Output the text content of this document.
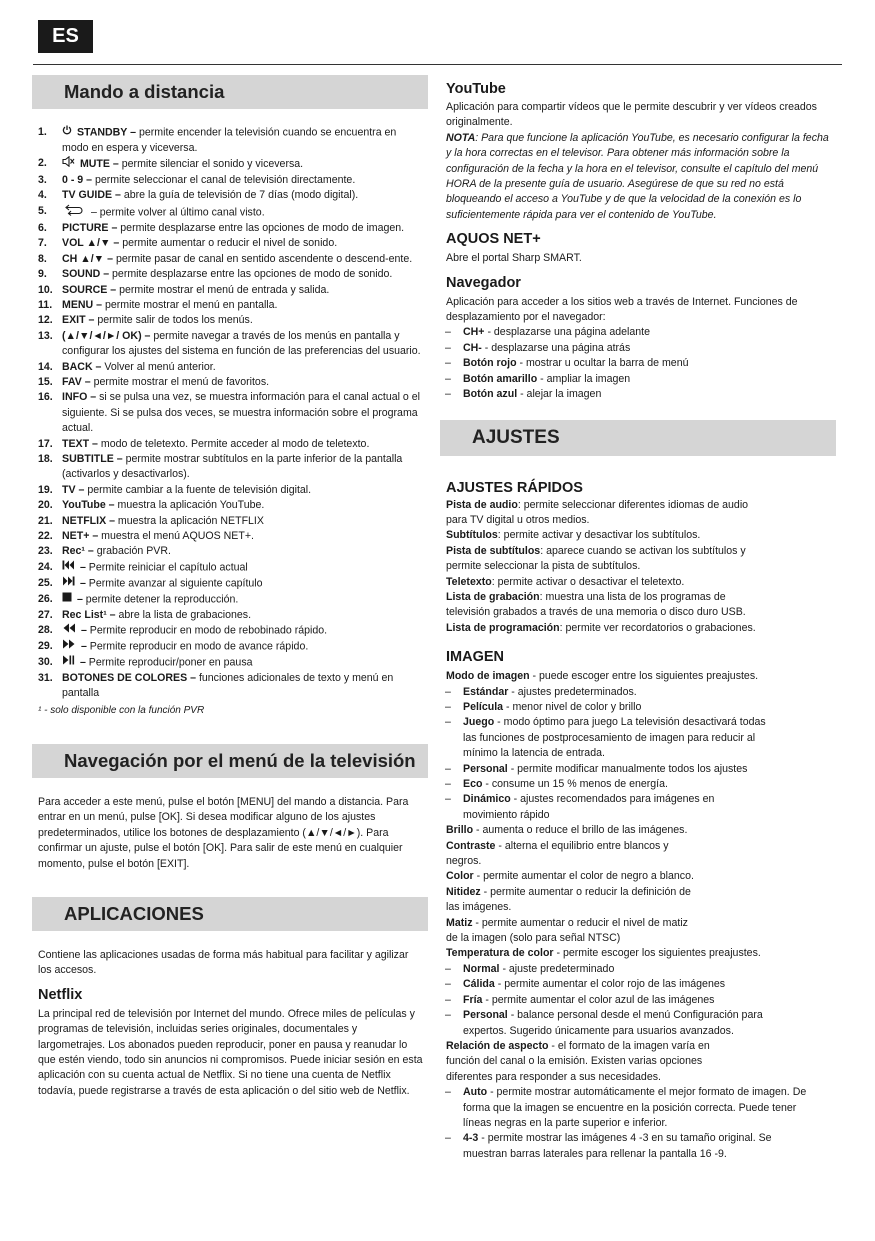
ES
Mando a distancia
1.	STANDBY – permite encender la televisión cuando se encuentra en modo en espera y viceversa.
2.	MUTE – permite silenciar el sonido y viceversa.
3. 0 - 9 – permite seleccionar el canal de televisión directamente.
4. TV GUIDE – abre la guía de televisión de 7 días (modo digital).
5.	– permite volver al último canal visto.
6. PICTURE – permite desplazarse entre las opciones de modo de imagen.
7. VOL ▲/▼ – permite aumentar o reducir el nivel de sonido.
8. CH ▲/▼ – permite pasar de canal en sentido ascendente o descend-ente.
9. SOUND – permite desplazarse entre las opciones de modo de sonido.
10. SOURCE – permite mostrar el menú de entrada y salida.
11. MENU – permite mostrar el menú en pantalla.
12. EXIT – permite salir de todos los menús.
13. (▲/▼/◄/►/ OK) – permite navegar a través de los menús en pantalla y configurar los ajustes del sistema en función de las preferencias del usuario.
14. BACK – Volver al menú anterior.
15. FAV – permite mostrar el menú de favoritos.
16. INFO – si se pulsa una vez, se muestra información para el canal actual o el siguiente. Si se pulsa dos veces, se muestra información sobre el programa actual.
17. TEXT – modo de teletexto. Permite acceder al modo de teletexto.
18. SUBTITLE – permite mostrar subtítulos en la parte inferior de la pantalla (activarlos y desactivarlos).
19. TV – permite cambiar a la fuente de televisión digital.
20. YouTube – muestra la aplicación YouTube.
21. NETFLIX – muestra la aplicación NETFLIX
22. NET+ – muestra el menú AQUOS NET+.
23. Rec¹ – grabación PVR.
24.	– Permite reiniciar el capítulo actual
25.	– Permite avanzar al siguiente capítulo
26. – permite detener la reproducción.
27. Rec List¹ – abre la lista de grabaciones.
28.	– Permite reproducir en modo de rebobinado rápido.
29.	– Permite reproducir en modo de avance rápido.
30.	– Permite reproducir/poner en pausa
31. BOTONES DE COLORES – funciones adicionales de texto y menú en pantalla
¹ - solo disponible con la función PVR
Navegación por el menú de la televisión
Para acceder a este menú, pulse el botón [MENU] del mando a distancia. Para entrar en un menú, pulse [OK]. Si desea modificar alguno de los ajustes predeterminados, utilice los botones de desplazamiento (▲/▼/◄/►). Para confirmar un ajuste, pulse el botón [OK]. Para salir de este menú en cualquier momento, pulse el botón [EXIT].
APLICACIONES
Contiene las aplicaciones usadas de forma más habitual para facilitar y agilizar los accesos.
Netflix
La principal red de televisión por Internet del mundo. Ofrece miles de películas y programas de televisión, incluidas series originales, documentales y largometrajes. Los abonados pueden reproducir, poner en pausa y reanudar lo que estén viendo, todo sin anuncios ni compromisos. Puede iniciar sesión en esta aplicación con su cuenta actual de Netflix. Si no tiene una cuenta de Netflix todavía, puede registrarse a través de esta aplicación o del sitio web de Netflix.
YouTube
Aplicación para compartir vídeos que le permite descubrir y ver vídeos creados originalmente.
NOTA: Para que funcione la aplicación YouTube, es necesario configurar la fecha y la hora correctas en el televisor. Para obtener más información sobre la configuración de la fecha y la hora en el televisor, consulte el capítulo del menú HORA de la presente guía de usuario. Asegúrese de que su red no está bloqueando el acceso a YouTube y de que la velocidad de la conexión es lo suficientemente rápida para ver el contenido de YouTube.
AQUOS NET+
Abre el portal Sharp SMART.
Navegador
Aplicación para acceder a los sitios web a través de Internet. Funciones de desplazamiento por el navegador:
–	CH+ - desplazarse una página adelante
–	CH- - desplazarse una página atrás
–	Botón rojo - mostrar u ocultar la barra de menú
–	Botón amarillo - ampliar la imagen
–	Botón azul - alejar la imagen
AJUSTES
AJUSTES RÁPIDOS
Pista de audio: permite seleccionar diferentes idiomas de audio para TV digital u otros medios.
Subtítulos: permite activar y desactivar los subtítulos.
Pista de subtítulos: aparece cuando se activan los subtítulos y permite seleccionar la pista de subtítulos.
Teletexto: permite activar o desactivar el teletexto.
Lista de grabación: muestra una lista de los programas de televisión grabados a través de una memoria o disco duro USB.
Lista de programación: permite ver recordatorios o grabaciones.
IMAGEN
Modo de imagen - puede escoger entre los siguientes preajustes.
–	Estándar - ajustes predeterminados.
–	Película - menor nivel de color y brillo
–	Juego - modo óptimo para juego La televisión desactivará todas las funciones de postprocesamiento de imagen para reducir al mínimo la latencia de entrada.
–	Personal - permite modificar manualmente todos los ajustes
–	Eco - consume un 15 % menos de energía.
–	Dinámico - ajustes recomendados para imágenes en movimiento rápido
Brillo - aumenta o reduce el brillo de las imágenes.
Contraste - alterna el equilibrio entre blancos y negros.
Color - permite aumentar el color de negro a blanco.
Nitidez - permite aumentar o reducir la definición de las imágenes.
Matiz - permite aumentar o reducir el nivel de matiz de la imagen (solo para señal NTSC)
Temperatura de color - permite escoger los siguientes preajustes.
–	Normal - ajuste predeterminado
–	Cálida - permite aumentar el color rojo de las imágenes
–	Fría - permite aumentar el color azul de las imágenes
–	Personal - balance personal desde el menú Configuración para expertos. Sugerido únicamente para usuarios avanzados.
Relación de aspecto - el formato de la imagen varía en función del canal o la emisión. Existen varias opciones diferentes para responder a sus necesidades.
–	Auto - permite mostrar automáticamente el mejor formato de imagen. De forma que la imagen se encuentre en la posición correcta. Puede tener líneas negras en la parte superior e inferior.
–	4-3 - permite mostrar las imágenes 4 -3 en su tamaño original. Se muestran barras laterales para rellenar la pantalla 16 -9.
